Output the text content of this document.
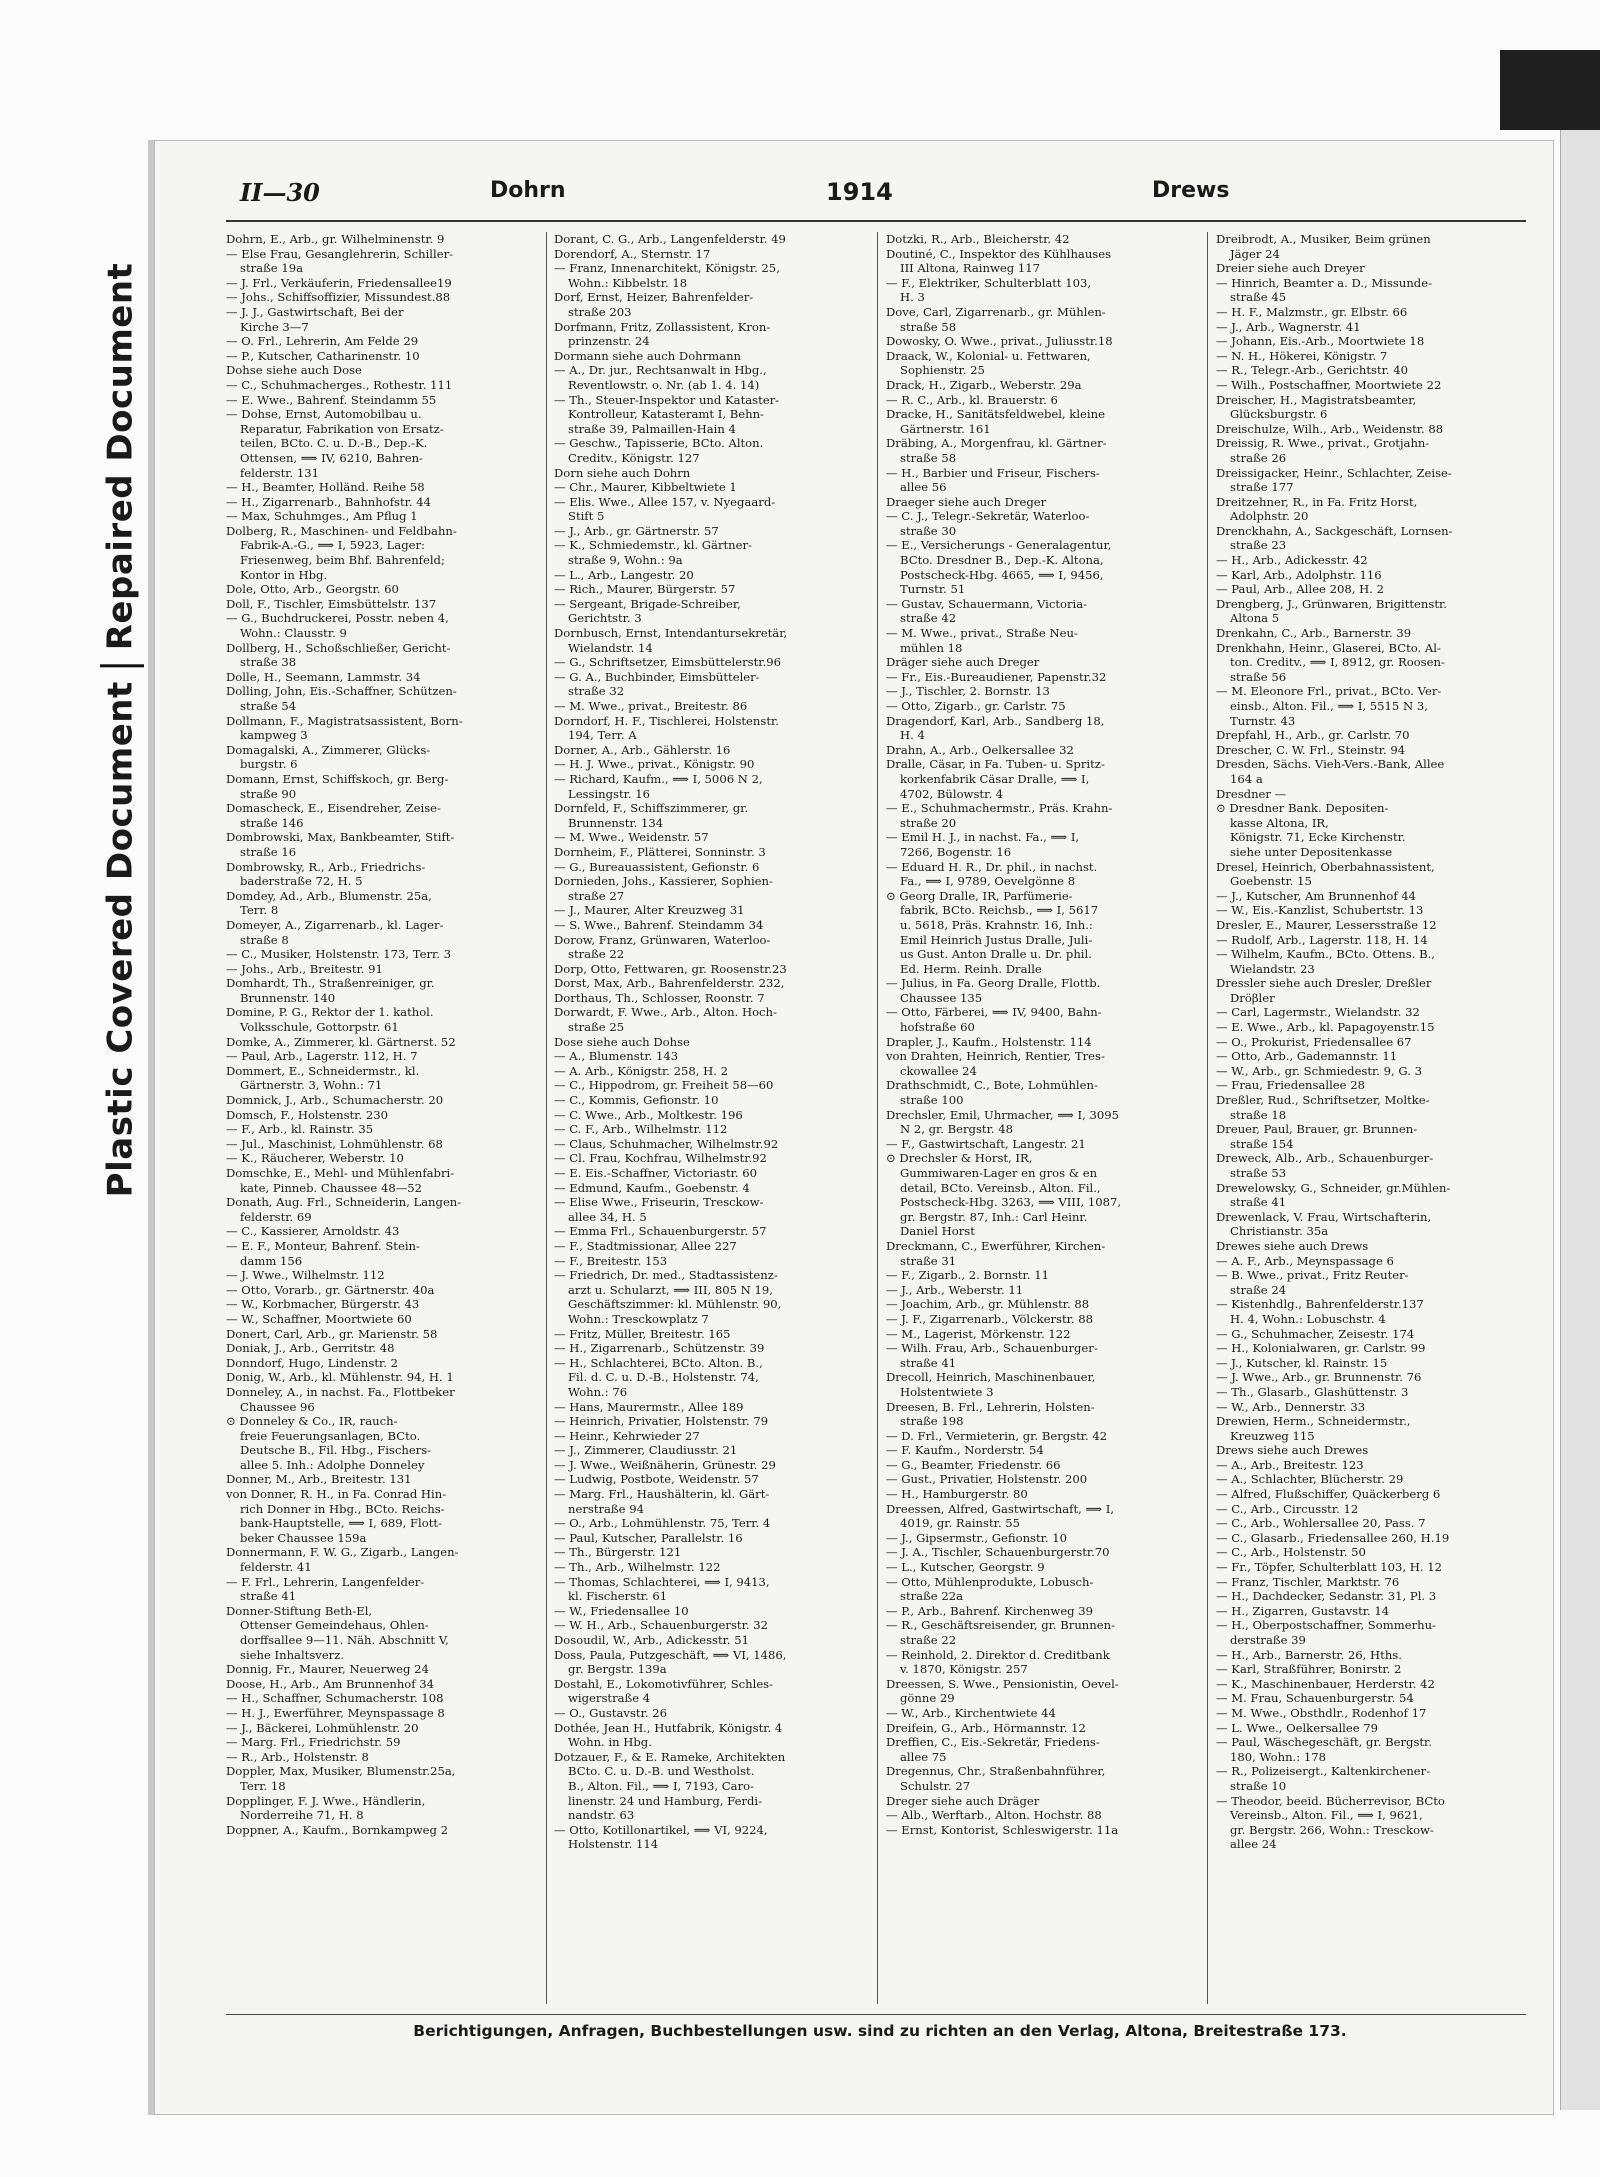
Plastic Covered DocumentRepaired Document
II—30	Dohrn	1914	Drews
Dohrn, E., Arb., gr. Wilhelminenstr. 9
— Else Frau, Gesanglehrerin, Schiller-
straße 19a
— J. Frl., Verkäuferin, Friedensallee19
— Johs., Schiffsoffizier, Missundest.88
— J. J., Gastwirtschaft, Bei der
Kirche 3—7
— O. Frl., Lehrerin, Am Felde 29
— P., Kutscher, Catharinenstr. 10
Dohse siehe auch Dose
— C., Schuhmacherges., Rothestr. 111
— E. Wwe., Bahrenf. Steindamm 55
— Dohse, Ernst, Automobilbau u.
Reparatur, Fabrikation von Ersatz-
teilen, BCto. C. u. D.-B., Dep.-K.
Ottensen, ⟹ IV, 6210, Bahren-
felderstr. 131
— H., Beamter, Holländ. Reihe 58
— H., Zigarrenarb., Bahnhofstr. 44
— Max, Schuhmges., Am Pflug 1
Dolberg, R., Maschinen- und Feldbahn-
Fabrik-A.-G., ⟹ I, 5923, Lager:
Friesenweg, beim Bhf. Bahrenfeld;
Kontor in Hbg.
Dole, Otto, Arb., Georgstr. 60
Doll, F., Tischler, Eimsbüttelstr. 137
— G., Buchdruckerei, Posstr. neben 4,
Wohn.: Clausstr. 9
Dollberg, H., Schoßschließer, Gericht-
straße 38
Dolle, H., Seemann, Lammstr. 34
Dolling, John, Eis.-Schaffner, Schützen-
straße 54
Dollmann, F., Magistratsassistent, Born-
kampweg 3
Domagalski, A., Zimmerer, Glücks-
burgstr. 6
Domann, Ernst, Schiffskoch, gr. Berg-
straße 90
Domascheck, E., Eisendreher, Zeise-
straße 146
Dombrowski, Max, Bankbeamter, Stift-
straße 16
Dombrowsky, R., Arb., Friedrichs-
baderstraße 72, H. 5
Domdey, Ad., Arb., Blumenstr. 25a,
Terr. 8
Domeyer, A., Zigarrenarb., kl. Lager-
straße 8
— C., Musiker, Holstenstr. 173, Terr. 3
— Johs., Arb., Breitestr. 91
Domhardt, Th., Straßenreiniger, gr.
Brunnenstr. 140
Domine, P. G., Rektor der 1. kathol.
Volksschule, Gottorpstr. 61
Domke, A., Zimmerer, kl. Gärtnerst. 52
— Paul, Arb., Lagerstr. 112, H. 7
Dommert, E., Schneidermstr., kl.
Gärtnerstr. 3, Wohn.: 71
Domnick, J., Arb., Schumacherstr. 20
Domsch, F., Holstenstr. 230
— F., Arb., kl. Rainstr. 35
— Jul., Maschinist, Lohmühlenstr. 68
— K., Räucherer, Weberstr. 10
Domschke, E., Mehl- und Mühlenfabri-
kate, Pinneb. Chaussee 48—52
Donath, Aug. Frl., Schneiderin, Langen-
felderstr. 69
— C., Kassierer, Arnoldstr. 43
— E. F., Monteur, Bahrenf. Stein-
damm 156
— J. Wwe., Wilhelmstr. 112
— Otto, Vorarb., gr. Gärtnerstr. 40a
— W., Korbmacher, Bürgerstr. 43
— W., Schaffner, Moortwiete 60
Donert, Carl, Arb., gr. Marienstr. 58
Doniak, J., Arb., Gerritstr. 48
Donndorf, Hugo, Lindenstr. 2
Donig, W., Arb., kl. Mühlenstr. 94, H. 1
Donneley, A., in nachst. Fa., Flottbeker
Chaussee 96
⊙ Donneley & Co., IR, rauch-
freie Feuerungsanlagen, BCto.
Deutsche B., Fil. Hbg., Fischers-
allee 5. Inh.: Adolphe Donneley
Donner, M., Arb., Breitestr. 131
von Donner, R. H., in Fa. Conrad Hin-
rich Donner in Hbg., BCto. Reichs-
bank-Hauptstelle, ⟹ I, 689, Flott-
beker Chaussee 159a
Donnermann, F. W. G., Zigarb., Langen-
felderstr. 41
— F. Frl., Lehrerin, Langenfelder-
straße 41
Donner-Stiftung Beth-El,
Ottenser Gemeindehaus, Ohlen-
dorffsallee 9—11. Näh. Abschnitt V,
siehe Inhaltsverz.
Donnig, Fr., Maurer, Neuerweg 24
Doose, H., Arb., Am Brunnenhof 34
— H., Schaffner, Schumacherstr. 108
— H. J., Ewerführer, Meynspassage 8
— J., Bäckerei, Lohmühlenstr. 20
— Marg. Frl., Friedrichstr. 59
— R., Arb., Holstenstr. 8
Doppler, Max, Musiker, Blumenstr.25a,
Terr. 18
Dopplinger, F. J. Wwe., Händlerin,
Norderreihe 71, H. 8
Doppner, A., Kaufm., Bornkampweg 2
Dorant, C. G., Arb., Langenfelderstr. 49
Dorendorf, A., Sternstr. 17
— Franz, Innenarchitekt, Königstr. 25,
Wohn.: Kibbelstr. 18
Dorf, Ernst, Heizer, Bahrenfelder-
straße 203
Dorfmann, Fritz, Zollassistent, Kron-
prinzenstr. 24
Dormann siehe auch Dohrmann
— A., Dr. jur., Rechtsanwalt in Hbg.,
Reventlowstr. o. Nr. (ab 1. 4. 14)
— Th., Steuer-Inspektor und Kataster-
Kontrolleur, Katasteramt I, Behn-
straße 39, Palmaillen-Hain 4
— Geschw., Tapisserie, BCto. Alton.
Creditv., Königstr. 127
Dorn siehe auch Dohrn
— Chr., Maurer, Kibbeltwiete 1
— Elis. Wwe., Allee 157, v. Nyegaard-
Stift 5
— J., Arb., gr. Gärtnerstr. 57
— K., Schmiedemstr., kl. Gärtner-
straße 9, Wohn.: 9a
— L., Arb., Langestr. 20
— Rich., Maurer, Bürgerstr. 57
— Sergeant, Brigade-Schreiber,
Gerichtstr. 3
Dornbusch, Ernst, Intendantursekretär,
Wielandstr. 14
— G., Schriftsetzer, Eimsbüttelerstr.96
— G. A., Buchbinder, Eimsbütteler-
straße 32
— M. Wwe., privat., Breitestr. 86
Dorndorf, H. F., Tischlerei, Holstenstr.
194, Terr. A
Dorner, A., Arb., Gählerstr. 16
— H. J. Wwe., privat., Königstr. 90
— Richard, Kaufm., ⟹ I, 5006 N 2,
Lessingstr. 16
Dornfeld, F., Schiffszimmerer, gr.
Brunnenstr. 134
— M. Wwe., Weidenstr. 57
Dornheim, F., Plätterei, Sonninstr. 3
— G., Bureauassistent, Gefionstr. 6
Dornieden, Johs., Kassierer, Sophien-
straße 27
— J., Maurer, Alter Kreuzweg 31
— S. Wwe., Bahrenf. Steindamm 34
Dorow, Franz, Grünwaren, Waterloo-
straße 22
Dorp, Otto, Fettwaren, gr. Roosenstr.23
Dorst, Max, Arb., Bahrenfelderstr. 232,
Dorthaus, Th., Schlosser, Roonstr. 7
Dorwardt, F. Wwe., Arb., Alton. Hoch-
straße 25
Dose siehe auch Dohse
— A., Blumenstr. 143
— A. Arb., Königstr. 258, H. 2
— C., Hippodrom, gr. Freiheit 58—60
— C., Kommis, Gefionstr. 10
— C. Wwe., Arb., Moltkestr. 196
— C. F., Arb., Wilhelmstr. 112
— Claus, Schuhmacher, Wilhelmstr.92
— Cl. Frau, Kochfrau, Wilhelmstr.92
— E. Eis.-Schaffner, Victoriastr. 60
— Edmund, Kaufm., Goebenstr. 4
— Elise Wwe., Friseurin, Tresckow-
allee 34, H. 5
— Emma Frl., Schauenburgerstr. 57
— F., Stadtmissionar, Allee 227
— F., Breitestr. 153
— Friedrich, Dr. med., Stadtassistenz-
arzt u. Schularzt, ⟹ III, 805 N 19,
Geschäftszimmer: kl. Mühlenstr. 90,
Wohn.: Tresckowplatz 7
— Fritz, Müller, Breitestr. 165
— H., Zigarrenarb., Schützenstr. 39
— H., Schlachterei, BCto. Alton. B.,
Fil. d. C. u. D.-B., Holstenstr. 74,
Wohn.: 76
— Hans, Maurermstr., Allee 189
— Heinrich, Privatier, Holstenstr. 79
— Heinr., Kehrwieder 27
— J., Zimmerer, Claudiusstr. 21
— J. Wwe., Weißnäherin, Grünestr. 29
— Ludwig, Postbote, Weidenstr. 57
— Marg. Frl., Haushälterin, kl. Gärt-
nerstraße 94
— O., Arb., Lohmühlenstr. 75, Terr. 4
— Paul, Kutscher, Parallelstr. 16
— Th., Bürgerstr. 121
— Th., Arb., Wilhelmstr. 122
— Thomas, Schlachterei, ⟹ I, 9413,
kl. Fischerstr. 61
— W., Friedensallee 10
— W. H., Arb., Schauenburgerstr. 32
Dosoudil, W., Arb., Adickesstr. 51
Doss, Paula, Putzgeschäft, ⟹ VI, 1486,
gr. Bergstr. 139a
Dostahl, E., Lokomotivführer, Schles-
wigerstraße 4
— O., Gustavstr. 26
Dothée, Jean H., Hutfabrik, Königstr. 4
Wohn. in Hbg.
Dotzauer, F., & E. Rameke, Architekten
BCto. C. u. D.-B. und Westholst.
B., Alton. Fil., ⟹ I, 7193, Caro-
linenstr. 24 und Hamburg, Ferdi-
nandstr. 63
— Otto, Kotillonartikel, ⟹ VI, 9224,
Holstenstr. 114
Dotzki, R., Arb., Bleicherstr. 42
Doutiné, C., Inspektor des Kühlhauses
III Altona, Rainweg 117
— F., Elektriker, Schulterblatt 103,
H. 3
Dove, Carl, Zigarrenarb., gr. Mühlen-
straße 58
Dowosky, O. Wwe., privat., Juliusstr.18
Draack, W., Kolonial- u. Fettwaren,
Sophienstr. 25
Drack, H., Zigarb., Weberstr. 29a
— R. C., Arb., kl. Brauerstr. 6
Dracke, H., Sanitätsfeldwebel, kleine
Gärtnerstr. 161
Dräbing, A., Morgenfrau, kl. Gärtner-
straße 58
— H., Barbier und Friseur, Fischers-
allee 56
Draeger siehe auch Dreger
— C. J., Telegr.-Sekretär, Waterloo-
straße 30
— E., Versicherungs - Generalagentur,
BCto. Dresdner B., Dep.-K. Altona,
Postscheck-Hbg. 4665, ⟹ I, 9456,
Turnstr. 51
— Gustav, Schauermann, Victoria-
straße 42
— M. Wwe., privat., Straße Neu-
mühlen 18
Dräger siehe auch Dreger
— Fr., Eis.-Bureaudiener, Papenstr.32
— J., Tischler, 2. Bornstr. 13
— Otto, Zigarb., gr. Carlstr. 75
Dragendorf, Karl, Arb., Sandberg 18,
H. 4
Drahn, A., Arb., Oelkersallee 32
Dralle, Cäsar, in Fa. Tuben- u. Spritz-
korkenfabrik Cäsar Dralle, ⟹ I,
4702, Bülowstr. 4
— E., Schuhmachermstr., Präs. Krahn-
straße 20
— Emil H. J., in nachst. Fa., ⟹ I,
7266, Bogenstr. 16
— Eduard H. R., Dr. phil., in nachst.
Fa., ⟹ I, 9789, Oevelgönne 8
⊙ Georg Dralle, IR, Parfümerie-
fabrik, BCto. Reichsb., ⟹ I, 5617
u. 5618, Präs. Krahnstr. 16, Inh.:
Emil Heinrich Justus Dralle, Juli-
us Gust. Anton Dralle u. Dr. phil.
Ed. Herm. Reinh. Dralle
— Julius, in Fa. Georg Dralle, Flottb.
Chaussee 135
— Otto, Färberei, ⟹ IV, 9400, Bahn-
hofstraße 60
Drapler, J., Kaufm., Holstenstr. 114
von Drahten, Heinrich, Rentier, Tres-
ckowallee 24
Drathschmidt, C., Bote, Lohmühlen-
straße 100
Drechsler, Emil, Uhrmacher, ⟹ I, 3095
N 2, gr. Bergstr. 48
— F., Gastwirtschaft, Langestr. 21
⊙ Drechsler & Horst, IR,
Gummiwaren-Lager en gros & en
detail, BCto. Vereinsb., Alton. Fil.,
Postscheck-Hbg. 3263, ⟹ VIII, 1087,
gr. Bergstr. 87, Inh.: Carl Heinr.
Daniel Horst
Dreckmann, C., Ewerführer, Kirchen-
straße 31
— F., Zigarb., 2. Bornstr. 11
— J., Arb., Weberstr. 11
— Joachim, Arb., gr. Mühlenstr. 88
— J. F., Zigarrenarb., Völckerstr. 88
— M., Lagerist, Mörkenstr. 122
— Wilh. Frau, Arb., Schauenburger-
straße 41
Drecoll, Heinrich, Maschinenbauer,
Holstentwiete 3
Dreesen, B. Frl., Lehrerin, Holsten-
straße 198
— D. Frl., Vermieterin, gr. Bergstr. 42
— F. Kaufm., Norderstr. 54
— G., Beamter, Friedenstr. 66
— Gust., Privatier, Holstenstr. 200
— H., Hamburgerstr. 80
Dreessen, Alfred, Gastwirtschaft, ⟹ I,
4019, gr. Rainstr. 55
— J., Gipsermstr., Gefionstr. 10
— J. A., Tischler, Schauenburgerstr.70
— L., Kutscher, Georgstr. 9
— Otto, Mühlenprodukte, Lobusch-
straße 22a
— P., Arb., Bahrenf. Kirchenweg 39
— R., Geschäftsreisender, gr. Brunnen-
straße 22
— Reinhold, 2. Direktor d. Creditbank
v. 1870, Königstr. 257
Dreessen, S. Wwe., Pensionistin, Oevel-
gönne 29
— W., Arb., Kirchentwiete 44
Dreifein, G., Arb., Hörmannstr. 12
Dreffien, C., Eis.-Sekretär, Friedens-
allee 75
Dregennus, Chr., Straßenbahnführer,
Schulstr. 27
Dreger siehe auch Dräger
— Alb., Werftarb., Alton. Hochstr. 88
— Ernst, Kontorist, Schleswigerstr. 11a
Dreibrodt, A., Musiker, Beim grünen
Jäger 24
Dreier siehe auch Dreyer
— Hinrich, Beamter a. D., Missunde-
straße 45
— H. F., Malzmstr., gr. Elbstr. 66
— J., Arb., Wagnerstr. 41
— Johann, Eis.-Arb., Moortwiete 18
— N. H., Hökerei, Königstr. 7
— R., Telegr.-Arb., Gerichtstr. 40
— Wilh., Postschaffner, Moortwiete 22
Dreischer, H., Magistratsbeamter,
Glücksburgstr. 6
Dreischulze, Wilh., Arb., Weidenstr. 88
Dreissig, R. Wwe., privat., Grotjahn-
straße 26
Dreissigacker, Heinr., Schlachter, Zeise-
straße 177
Dreitzehner, R., in Fa. Fritz Horst,
Adolphstr. 20
Drenckhahn, A., Sackgeschäft, Lornsen-
straße 23
— H., Arb., Adickesstr. 42
— Karl, Arb., Adolphstr. 116
— Paul, Arb., Allee 208, H. 2
Drengberg, J., Grünwaren, Brigittenstr.
Altona 5
Drenkahn, C., Arb., Barnerstr. 39
Drenkhahn, Heinr., Glaserei, BCto. Al-
ton. Creditv., ⟹ I, 8912, gr. Roosen-
straße 56
— M. Eleonore Frl., privat., BCto. Ver-
einsb., Alton. Fil., ⟹ I, 5515 N 3,
Turnstr. 43
Drepfahl, H., Arb., gr. Carlstr. 70
Drescher, C. W. Frl., Steinstr. 94
Dresden, Sächs. Vieh-Vers.-Bank, Allee
164 a
Dresdner —
⊙ Dresdner Bank. Depositen-
kasse Altona, IR,
Königstr. 71, Ecke Kirchenstr.
siehe unter Depositenkasse
Dresel, Heinrich, Oberbahnassistent,
Goebenstr. 15
— J., Kutscher, Am Brunnenhof 44
— W., Eis.-Kanzlist, Schubertstr. 13
Dresler, E., Maurer, Lessersstraße 12
— Rudolf, Arb., Lagerstr. 118, H. 14
— Wilhelm, Kaufm., BCto. Ottens. B.,
Wielandstr. 23
Dressler siehe auch Dresler, Dreßler
Dröβler
— Carl, Lagermstr., Wielandstr. 32
— E. Wwe., Arb., kl. Papagoyenstr.15
— O., Prokurist, Friedensallee 67
— Otto, Arb., Gademannstr. 11
— W., Arb., gr. Schmiedestr. 9, G. 3
— Frau, Friedensallee 28
Dreßler, Rud., Schriftsetzer, Moltke-
straße 18
Dreuer, Paul, Brauer, gr. Brunnen-
straße 154
Dreweck, Alb., Arb., Schauenburger-
straße 53
Drewelowsky, G., Schneider, gr.Mühlen-
straße 41
Drewenlack, V. Frau, Wirtschafterin,
Christianstr. 35a
Drewes siehe auch Drews
— A. F., Arb., Meynspassage 6
— B. Wwe., privat., Fritz Reuter-
straße 24
— Kistenhdlg., Bahrenfelderstr.137
H. 4, Wohn.: Lobuschstr. 4
— G., Schuhmacher, Zeisestr. 174
— H., Kolonialwaren, gr. Carlstr. 99
— J., Kutscher, kl. Rainstr. 15
— J. Wwe., Arb., gr. Brunnenstr. 76
— Th., Glasarb., Glashüttenstr. 3
— W., Arb., Dennerstr. 33
Drewien, Herm., Schneidermstr.,
Kreuzweg 115
Drews siehe auch Drewes
— A., Arb., Breitestr. 123
— A., Schlachter, Blücherstr. 29
— Alfred, Flußschiffer, Quäckerberg 6
— C., Arb., Circusstr. 12
— C., Arb., Wohlersallee 20, Pass. 7
— C., Glasarb., Friedensallee 260, H.19
— C., Arb., Holstenstr. 50
— Fr., Töpfer, Schulterblatt 103, H. 12
— Franz, Tischler, Marktstr. 76
— H., Dachdecker, Sedanstr. 31, Pl. 3
— H., Zigarren, Gustavstr. 14
— H., Oberpostschaffner, Sommerhu-
derstraße 39
— H., Arb., Barnerstr. 26, Hths.
— Karl, Straßführer, Bonirstr. 2
— K., Maschinenbauer, Herderstr. 42
— M. Frau, Schauenburgerstr. 54
— M. Wwe., Obsthdlr., Rodenhof 17
— L. Wwe., Oelkersallee 79
— Paul, Wäschegeschäft, gr. Bergstr.
180, Wohn.: 178
— R., Polizeisergt., Kaltenkirchener-
straße 10
— Theodor, beeid. Bücherrevisor, BCto
Vereinsb., Alton. Fil., ⟹ I, 9621,
gr. Bergstr. 266, Wohn.: Tresckow-
allee 24
Berichtigungen, Anfragen, Buchbestellungen usw. sind zu richten an den Verlag, Altona, Breitestraße 173.
